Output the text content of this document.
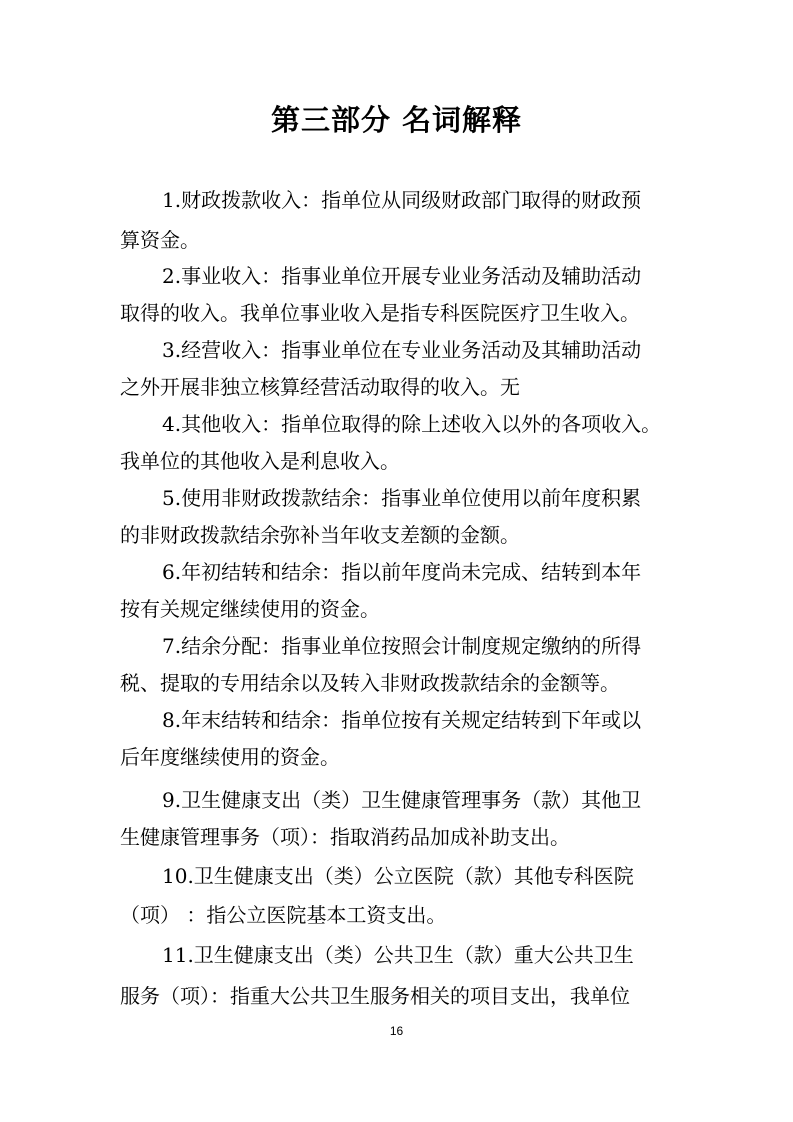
第三部分 名词解释
1.财政拨款收入：指单位从同级财政部门取得的财政预
算资金。
2.事业收入：指事业单位开展专业业务活动及辅助活动
取得的收入。我单位事业收入是指专科医院医疗卫生收入。
3.经营收入：指事业单位在专业业务活动及其辅助活动
之外开展非独立核算经营活动取得的收入。无
4.其他收入：指单位取得的除上述收入以外的各项收入。
我单位的其他收入是利息收入。
5.使用非财政拨款结余：指事业单位使用以前年度积累
的非财政拨款结余弥补当年收支差额的金额。
6.年初结转和结余：指以前年度尚未完成、结转到本年
按有关规定继续使用的资金。
7.结余分配：指事业单位按照会计制度规定缴纳的所得
税、提取的专用结余以及转入非财政拨款结余的金额等。
8.年末结转和结余：指单位按有关规定结转到下年或以
后年度继续使用的资金。
9.卫生健康支出（类）卫生健康管理事务（款）其他卫
生健康管理事务（项）：指取消药品加成补助支出。
10.卫生健康支出（类）公立医院（款）其他专科医院
（项） ：指公立医院基本工资支出。
11.卫生健康支出（类）公共卫生（款）重大公共卫生
服务（项）：指重大公共卫生服务相关的项目支出，我单位
16
